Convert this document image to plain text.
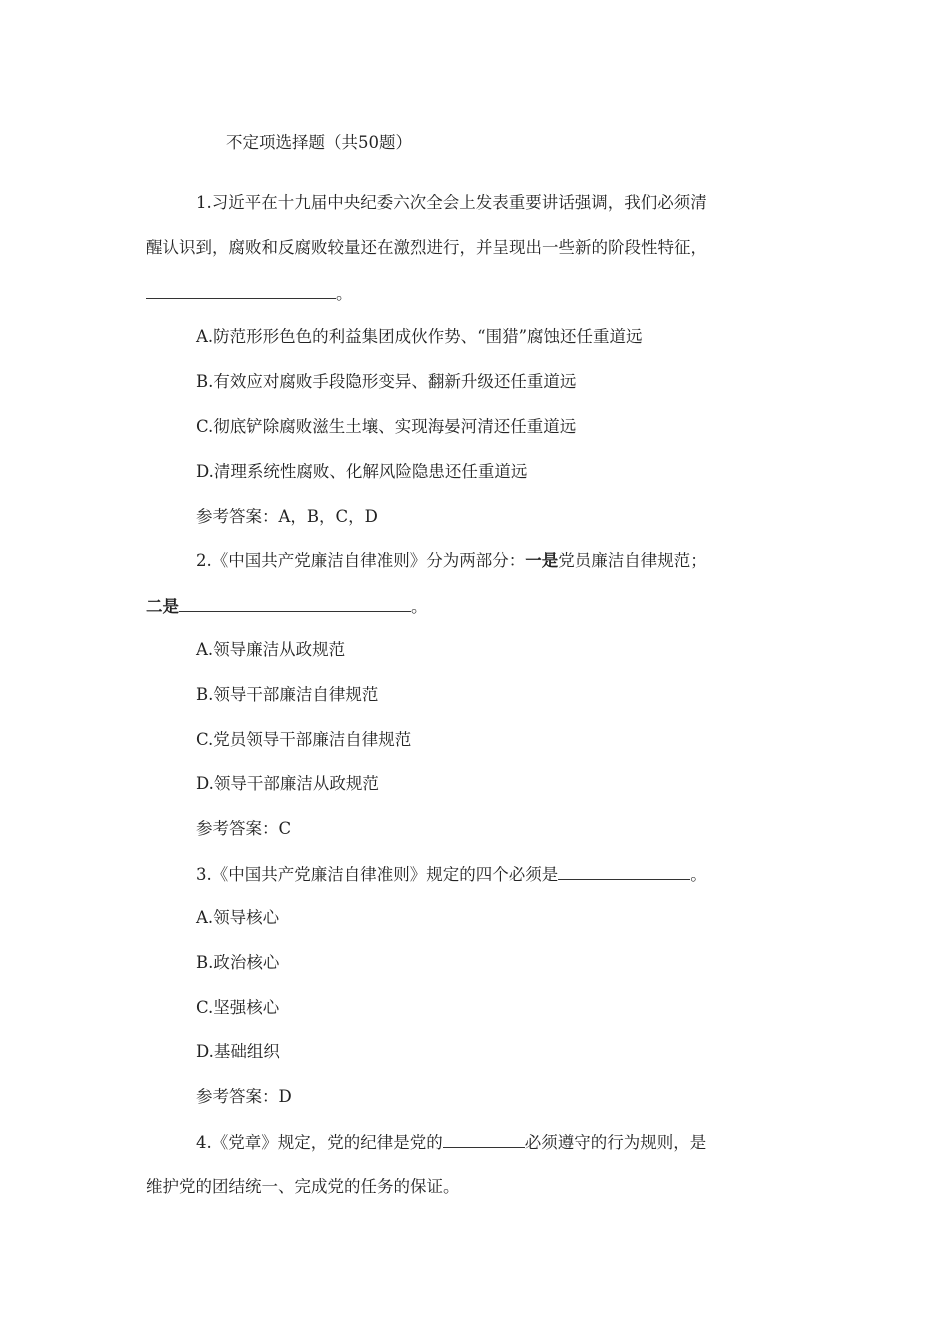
不定项选择题（共50题）
1.习近平在十九届中央纪委六次全会上发表重要讲话强调，我们必须清
醒认识到，腐败和反腐败较量还在激烈进行，并呈现出一些新的阶段性特征，
。
A.防范形形色色的利益集团成伙作势、“围猎”腐蚀还任重道远
B.有效应对腐败手段隐形变异、翻新升级还任重道远
C.彻底铲除腐败滋生土壤、实现海晏河清还任重道远
D.清理系统性腐败、化解风险隐患还任重道远
参考答案：A，B，C，D
2.《中国共产党廉洁自律准则》分为两部分：一是党员廉洁自律规范；
二是	。
A.领导廉洁从政规范
B.领导干部廉洁自律规范
C.党员领导干部廉洁自律规范
D.领导干部廉洁从政规范
参考答案：C
3.《中国共产党廉洁自律准则》规定的四个必须是	。
A.领导核心
B.政治核心
C.坚强核心
D.基础组织
参考答案：D
4.《党章》规定，党的纪律是党的	必须遵守的行为规则，是
维护党的团结统一、完成党的任务的保证。
